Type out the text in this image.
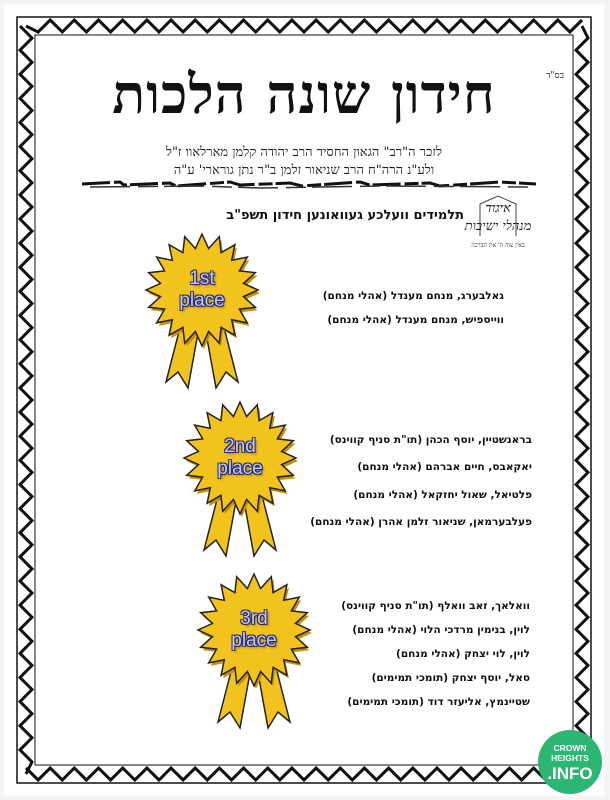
בס"ד
חידון שונה הלכות
לזכר ה"רב" הגאון החסיד הרב יהודה קלמן מארלאוו ז"ל
ולע"נ הרה"ח הרב שניאור זלמן ב"ר נתן גורארי' ע"ה
תלמידים וועלכע געוואונען חידון תשפ"ב	איגוד
מנהלי ישיבות
באין צוה ה' את הברכה
1st
place	גאלבערג, מנחם מענדל (אהלי מנחם)
ווייספיש, מנחם מענדל (אהלי מנחם)
2nd
place
בראנשטיין, יוסף הכהן (תו"ת סניף קווינס)
יאקאבס, חיים אברהם (אהלי מנחם)
פלטיאל, שאול יחזקאל (אהלי מנחם)
פעלבערמאן, שניאור זלמן אהרן (אהלי מנחם)
3rd
place
וואלאך, זאב וואלף (תו"ת סניף קווינס)
לוין, בנימין מרדכי הלוי (אהלי מנחם)
לוין, לוי יצחק (אהלי מנחם)
סאל, יוסף יצחק (תומכי תמימים)
שטיינמץ, אליעזר דוד (תומכי תמימים)
CROWN
HEIGHTS
.INFO
